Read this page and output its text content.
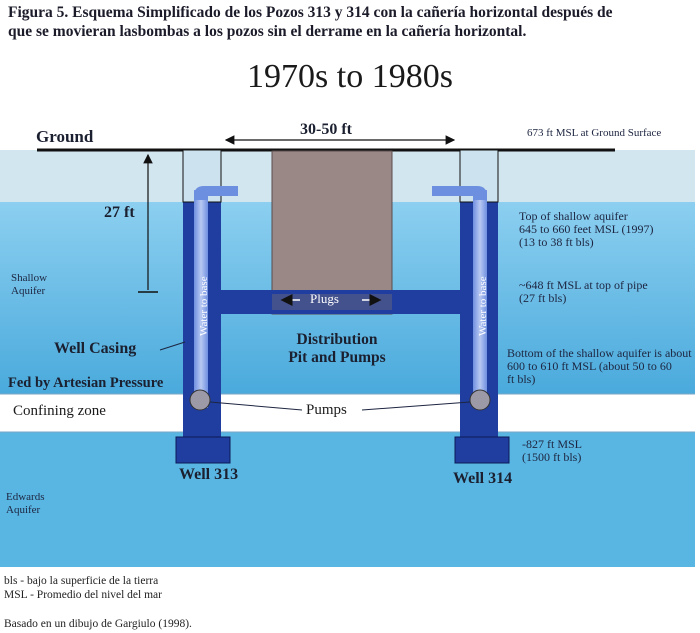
Figura 5. Esquema Simplificado de los Pozos 313 y 314 con la cañería horizontal después de
que se movieran lasbombas a los pozos sin el derrame en la cañería horizontal.
1970s to 1980s
Ground	30-50 ft	673 ft MSL at Ground Surface
27 ft
Shallow
Aquifer
Top of shallow aquifer
645 to 660 feet MSL (1997)
(13 to 38 ft bls)
~648 ft MSL at top of pipe
(27 ft bls)
Plugs
Distribution
Pit and Pumps
Well Casing
Fed by Artesian Pressure
Bottom of the shallow aquifer is about
600 to 610 ft MSL (about 50 to 60
ft bls)
Confining zone	Pumps
Water to base	Water to base
-827 ft MSL
(1500 ft bls)
Well 313	Well 314
Edwards
Aquifer
bls - bajo la superficie de la tierra
MSL - Promedio del nivel del mar
Basado en un dibujo de Gargiulo (1998).
